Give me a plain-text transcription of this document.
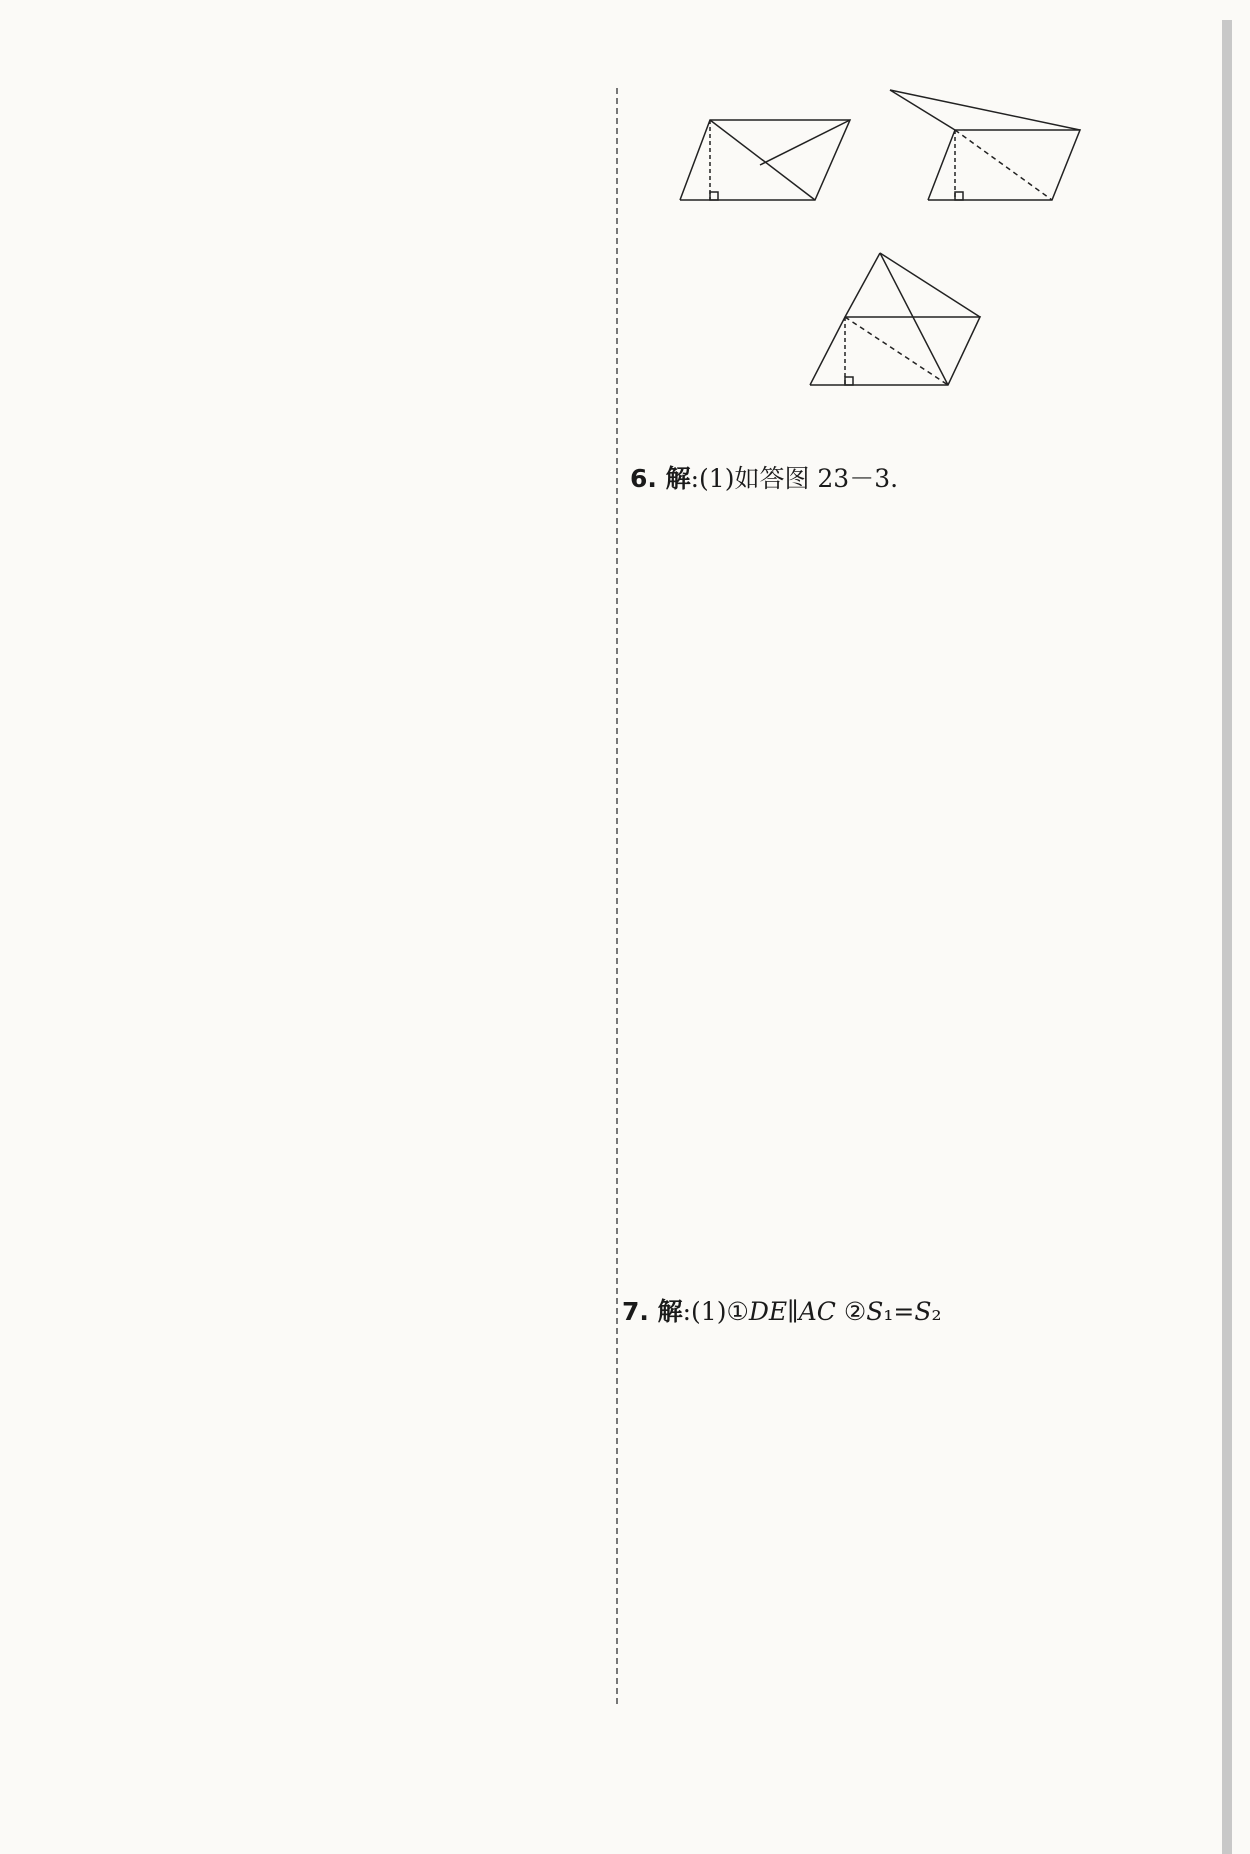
6. 解:(1)如答图 23－3.
7. 解:(1)①DE∥AC ②S₁=S₂
